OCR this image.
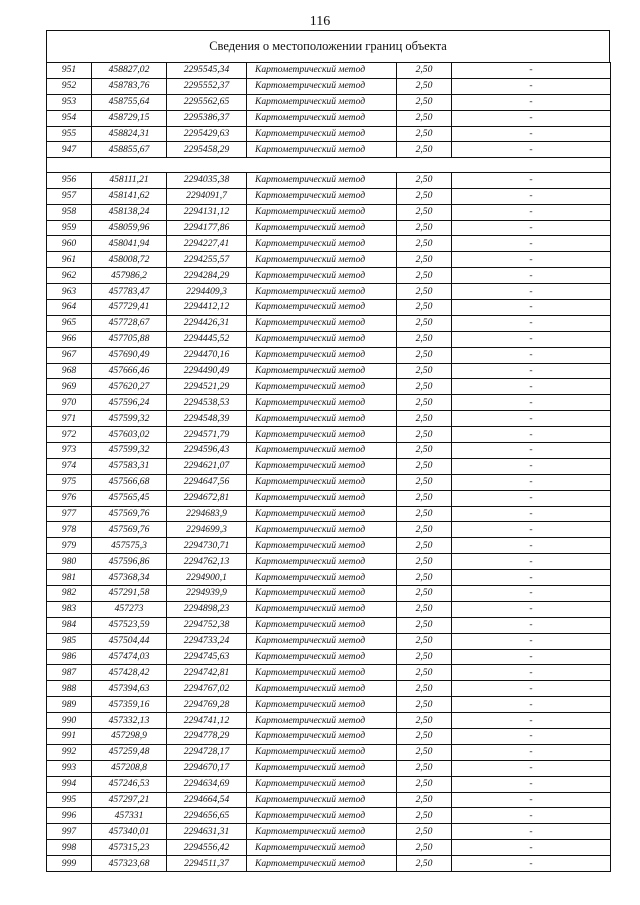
116
Сведения о местоположении границ объекта
951	458827,02	2295545,34	Картометрический метод	2,50	-
952	458783,76	2295552,37	Картометрический метод	2,50	-
953	458755,64	2295562,65	Картометрический метод	2,50	-
954	458729,15	2295386,37	Картометрический метод	2,50	-
955	458824,31	2295429,63	Картометрический метод	2,50	-
947	458855,67	2295458,29	Картометрический метод	2,50	-

956	458111,21	2294035,38	Картометрический метод	2,50	-
957	458141,62	2294091,7	Картометрический метод	2,50	-
958	458138,24	2294131,12	Картометрический метод	2,50	-
959	458059,96	2294177,86	Картометрический метод	2,50	-
960	458041,94	2294227,41	Картометрический метод	2,50	-
961	458008,72	2294255,57	Картометрический метод	2,50	-
962	457986,2	2294284,29	Картометрический метод	2,50	-
963	457783,47	2294409,3	Картометрический метод	2,50	-
964	457729,41	2294412,12	Картометрический метод	2,50	-
965	457728,67	2294426,31	Картометрический метод	2,50	-
966	457705,88	2294445,52	Картометрический метод	2,50	-
967	457690,49	2294470,16	Картометрический метод	2,50	-
968	457666,46	2294490,49	Картометрический метод	2,50	-
969	457620,27	2294521,29	Картометрический метод	2,50	-
970	457596,24	2294538,53	Картометрический метод	2,50	-
971	457599,32	2294548,39	Картометрический метод	2,50	-
972	457603,02	2294571,79	Картометрический метод	2,50	-
973	457599,32	2294596,43	Картометрический метод	2,50	-
974	457583,31	2294621,07	Картометрический метод	2,50	-
975	457566,68	2294647,56	Картометрический метод	2,50	-
976	457565,45	2294672,81	Картометрический метод	2,50	-
977	457569,76	2294683,9	Картометрический метод	2,50	-
978	457569,76	2294699,3	Картометрический метод	2,50	-
979	457575,3	2294730,71	Картометрический метод	2,50	-
980	457596,86	2294762,13	Картометрический метод	2,50	-
981	457368,34	2294900,1	Картометрический метод	2,50	-
982	457291,58	2294939,9	Картометрический метод	2,50	-
983	457273	2294898,23	Картометрический метод	2,50	-
984	457523,59	2294752,38	Картометрический метод	2,50	-
985	457504,44	2294733,24	Картометрический метод	2,50	-
986	457474,03	2294745,63	Картометрический метод	2,50	-
987	457428,42	2294742,81	Картометрический метод	2,50	-
988	457394,63	2294767,02	Картометрический метод	2,50	-
989	457359,16	2294769,28	Картометрический метод	2,50	-
990	457332,13	2294741,12	Картометрический метод	2,50	-
991	457298,9	2294778,29	Картометрический метод	2,50	-
992	457259,48	2294728,17	Картометрический метод	2,50	-
993	457208,8	2294670,17	Картометрический метод	2,50	-
994	457246,53	2294634,69	Картометрический метод	2,50	-
995	457297,21	2294664,54	Картометрический метод	2,50	-
996	457331	2294656,65	Картометрический метод	2,50	-
997	457340,01	2294631,31	Картометрический метод	2,50	-
998	457315,23	2294556,42	Картометрический метод	2,50	-
999	457323,68	2294511,37	Картометрический метод	2,50	-
